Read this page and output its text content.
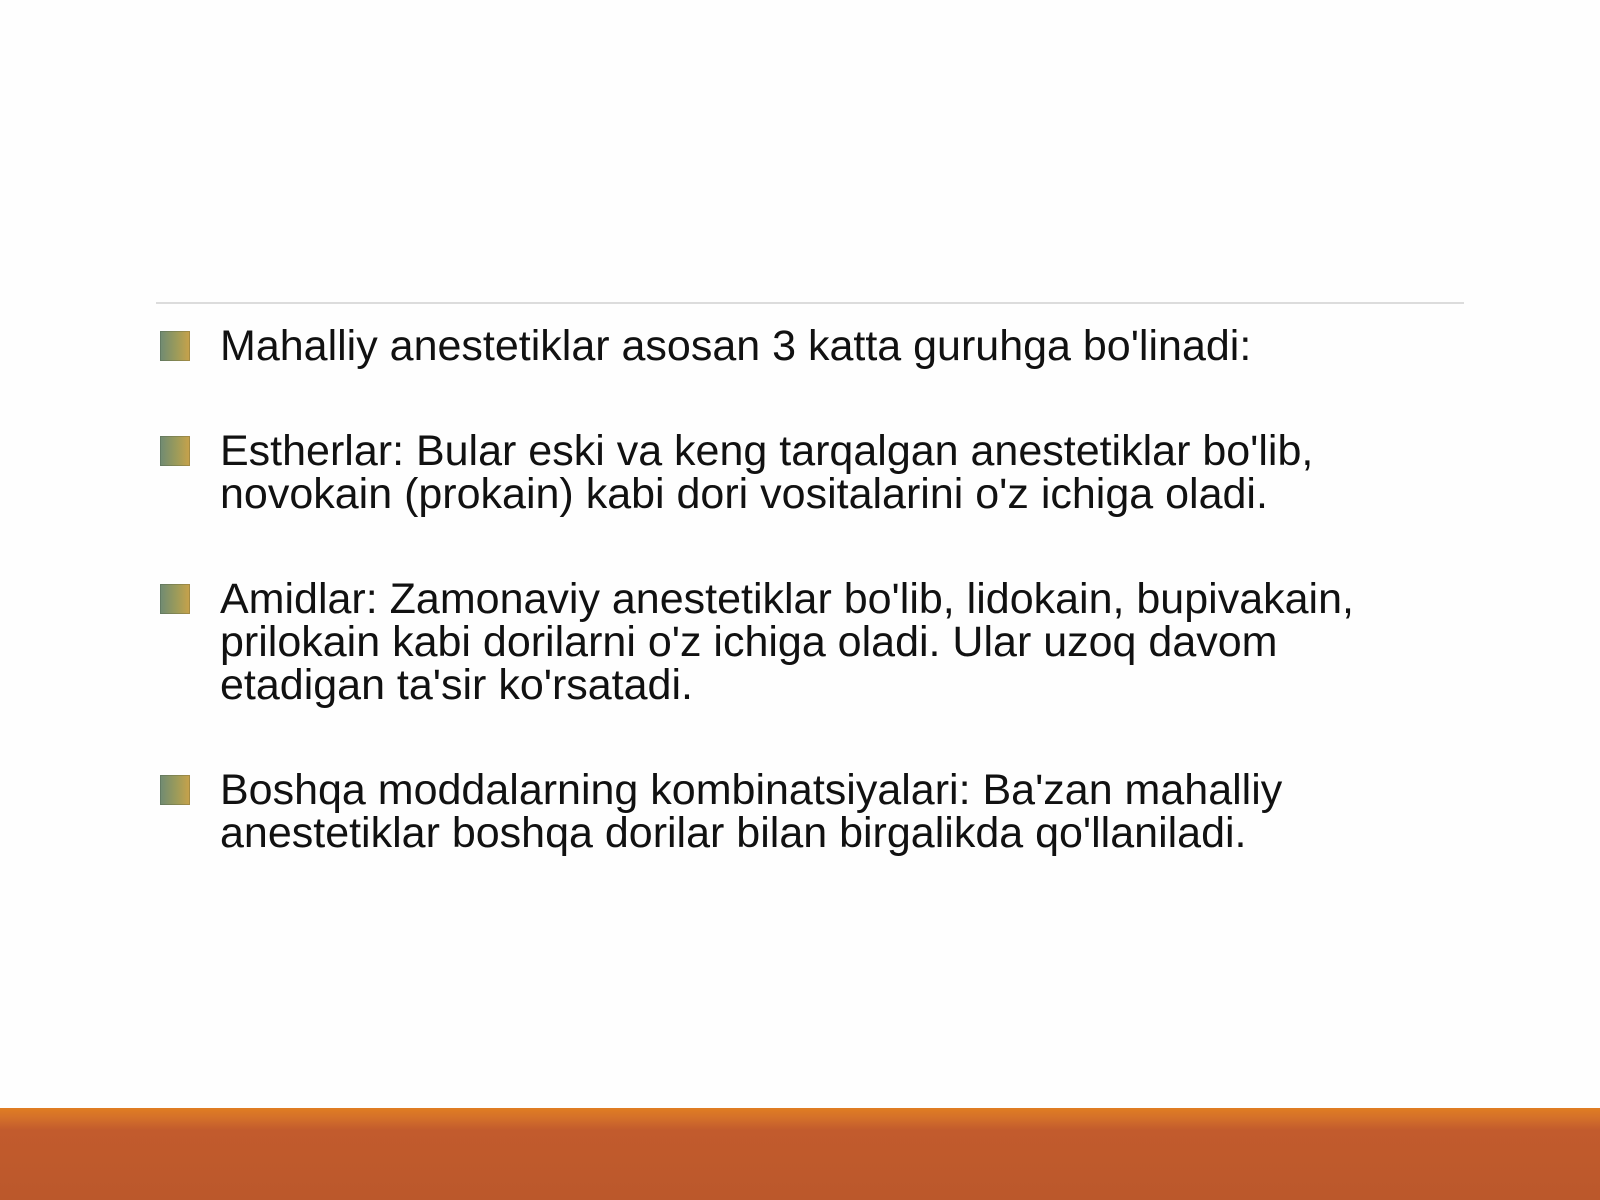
Mahalliy anestetiklar asosan 3 katta guruhga bo'linadi:
Estherlar: Bular eski va keng tarqalgan anestetiklar bo'lib, novokain (prokain) kabi dori vositalarini o'z ichiga oladi.
Amidlar: Zamonaviy anestetiklar bo'lib, lidokain, bupivakain, prilokain kabi dorilarni o'z ichiga oladi. Ular uzoq davom etadigan ta'sir ko'rsatadi.
Boshqa moddalarning kombinatsiyalari: Ba'zan mahalliy anestetiklar boshqa dorilar bilan birgalikda qo'llaniladi.
